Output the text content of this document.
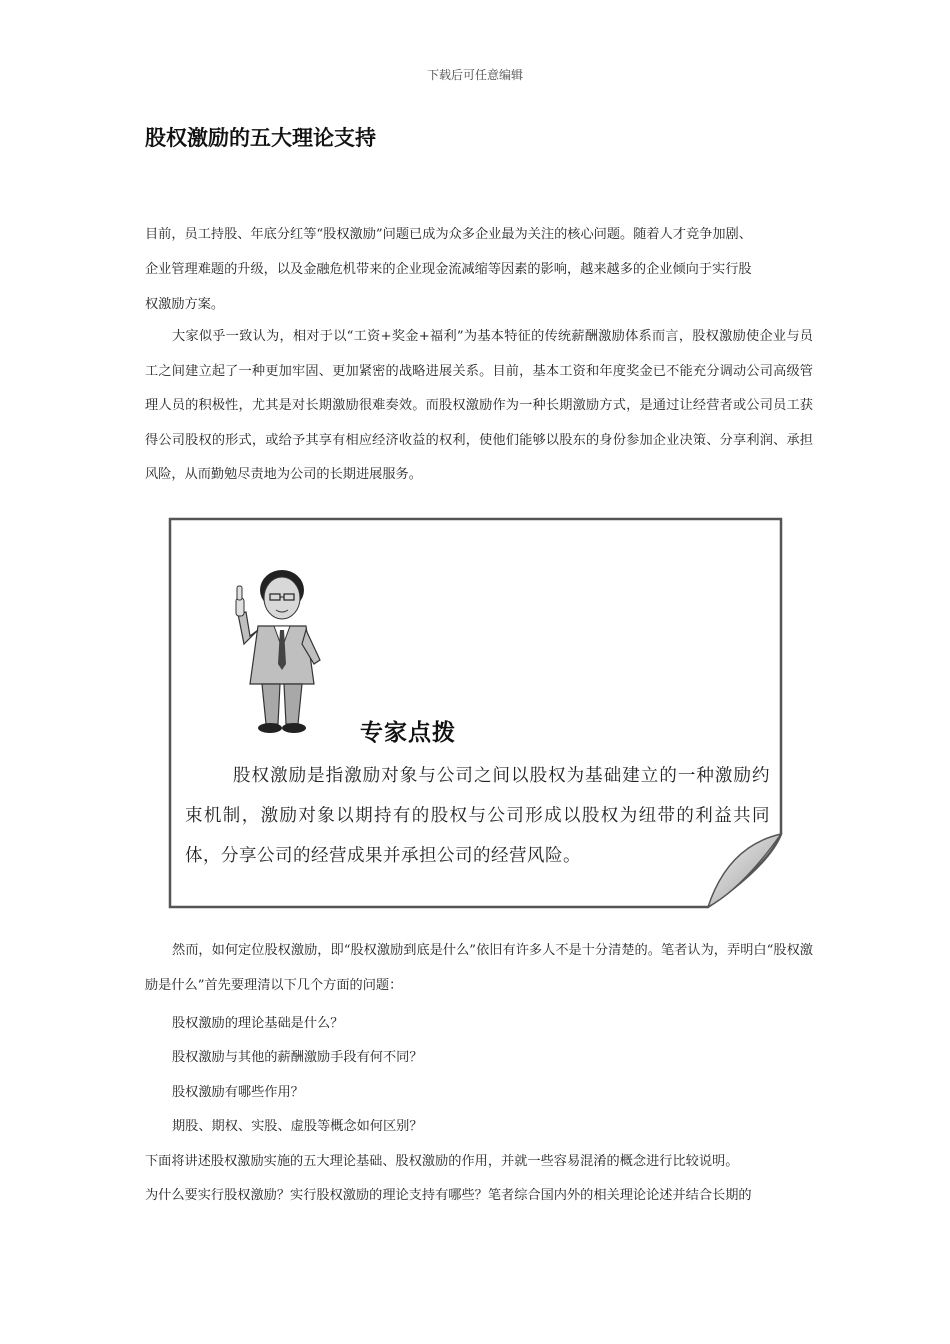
下载后可任意编辑
股权激励的五大理论支持

目前，员工持股、年底分红等“股权激励”问题已成为众多企业最为关注的核心问题。随着人才竞争加剧、

企业管理难题的升级，以及金融危机带来的企业现金流减缩等因素的影响，越来越多的企业倾向于实行股

权激励方案。

大家似乎一致认为，相对于以“工资+奖金+福利”为基本特征的传统薪酬激励体系而言，股权激励使企业与员工之间建立起了一种更加牢固、更加紧密的战略进展关系。目前，基本工资和年度奖金已不能充分调动公司高级管理人员的积极性，尤其是对长期激励很难奏效。而股权激励作为一种长期激励方式，是通过让经营者或公司员工获得公司股权的形式，或给予其享有相应经济收益的权利，使他们能够以股东的身份参加企业决策、分享利润、承担风险，从而勤勉尽责地为公司的长期进展服务。

专家点拨

股权激励是指激励对象与公司之间以股权为基础建立的一种激励约束机制，激励对象以期持有的股权与公司形成以股权为纽带的利益共同体，分享公司的经营成果并承担公司的经营风险。

然而，如何定位股权激励，即“股权激励到底是什么”依旧有许多人不是十分清楚的。笔者认为，弄明白“股权激励是什么”首先要理清以下几个方面的问题：

股权激励的理论基础是什么？

股权激励与其他的薪酬激励手段有何不同？

股权激励有哪些作用？

期股、期权、实股、虚股等概念如何区别？

下面将讲述股权激励实施的五大理论基础、股权激励的作用，并就一些容易混淆的概念进行比较说明。

为什么要实行股权激励？实行股权激励的理论支持有哪些？笔者综合国内外的相关理论论述并结合长期的
